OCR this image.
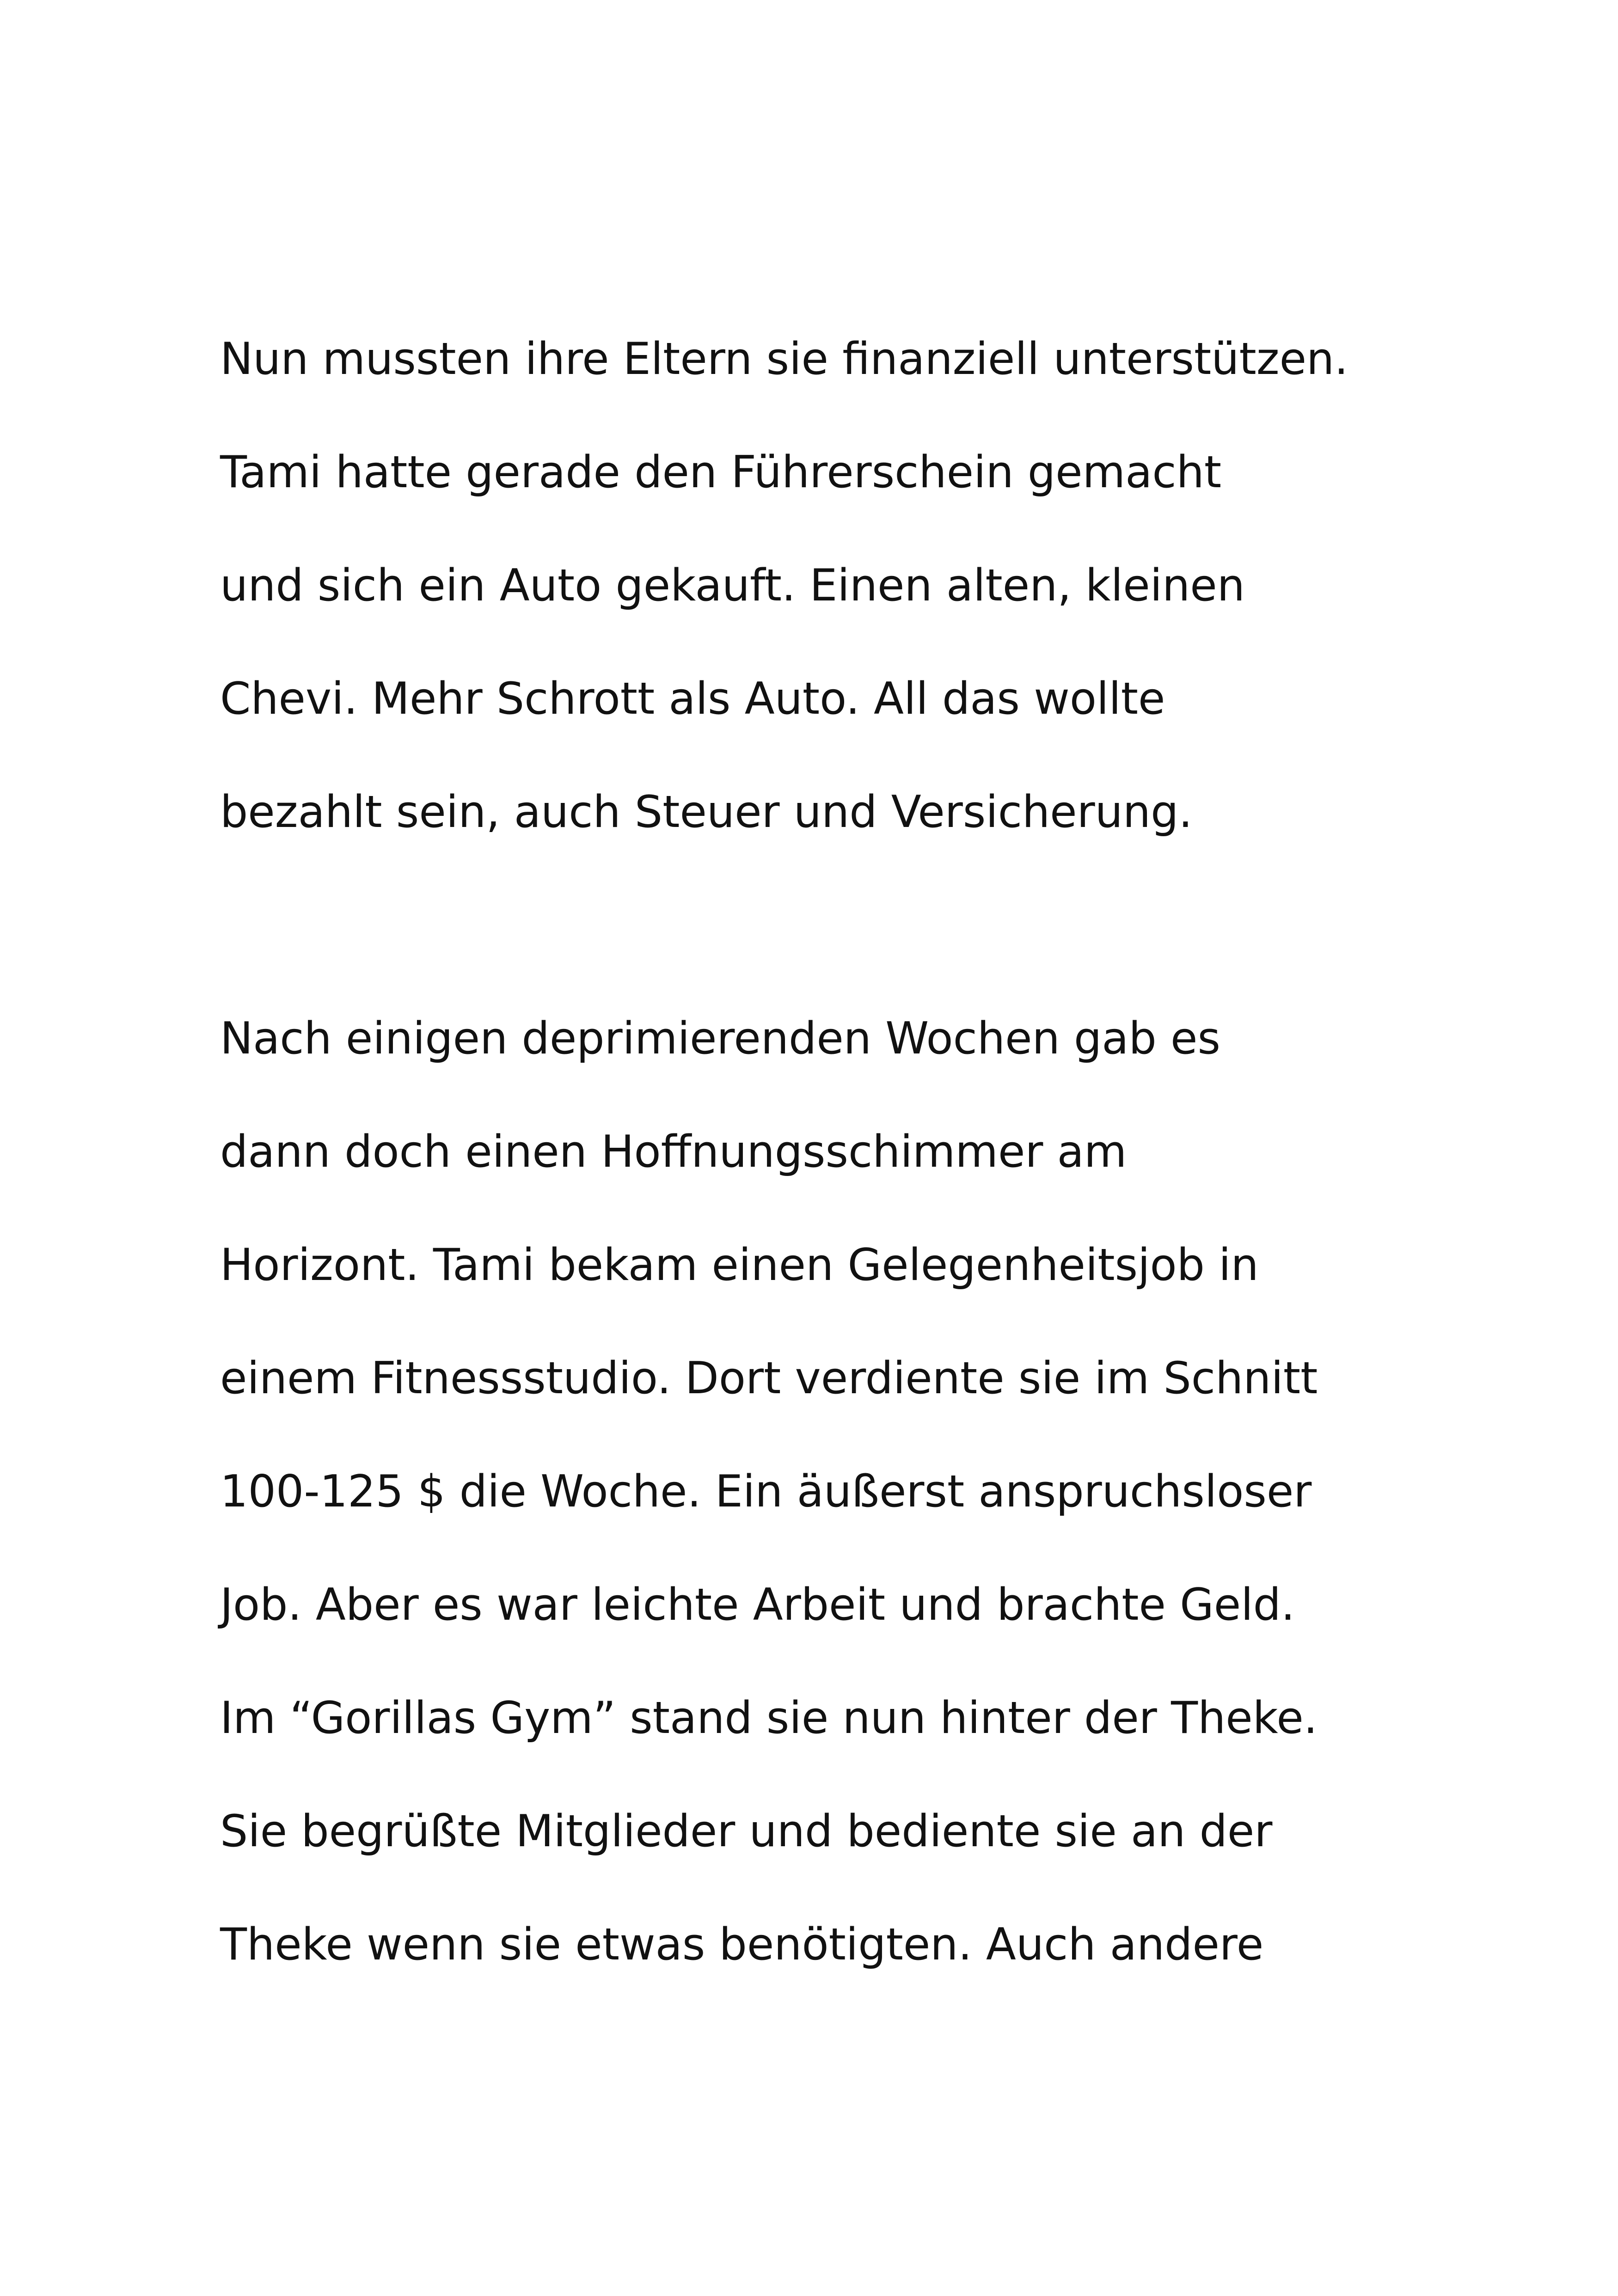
Nun mussten ihre Eltern sie finanziell unterstützen.
Tami hatte gerade den Führerschein gemacht
und sich ein Auto gekauft. Einen alten, kleinen
Chevi. Mehr Schrott als Auto. All das wollte
bezahlt sein, auch Steuer und Versicherung.
Nach einigen deprimierenden Wochen gab es
dann doch einen Hoffnungsschimmer am
Horizont. Tami bekam einen Gelegenheitsjob in
einem Fitnessstudio. Dort verdiente sie im Schnitt
100-125 $ die Woche. Ein äußerst anspruchsloser
Job. Aber es war leichte Arbeit und brachte Geld.
Im “Gorillas Gym” stand sie nun hinter der Theke.
Sie begrüßte Mitglieder und bediente sie an der
Theke wenn sie etwas benötigten. Auch andere
